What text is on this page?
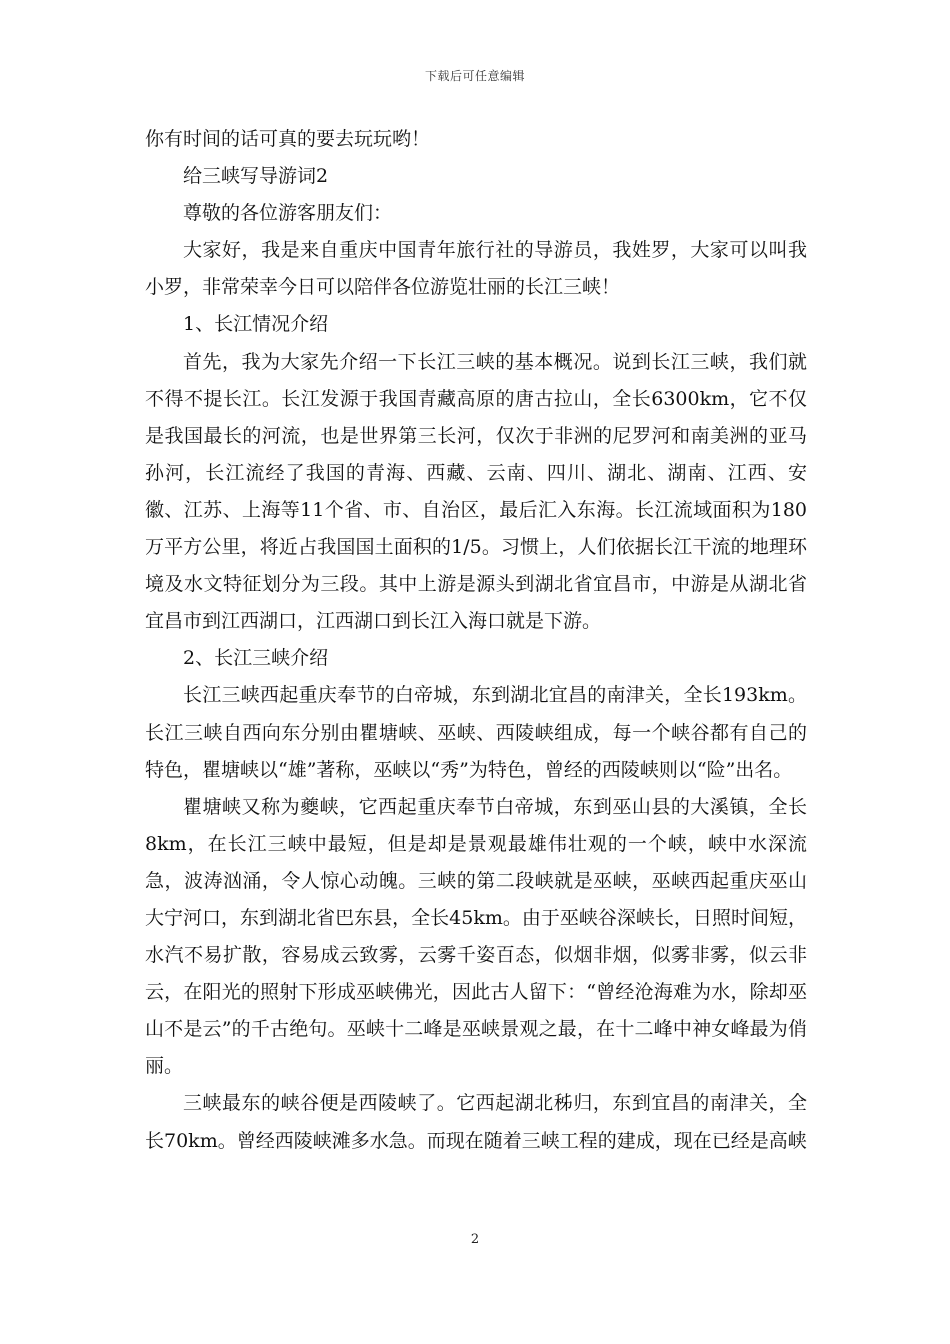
下载后可任意编辑

你有时间的话可真的要去玩玩哟！

给三峡写导游词2

尊敬的各位游客朋友们：

大家好，我是来自重庆中国青年旅行社的导游员，我姓罗，大家可以叫我小罗，非常荣幸今日可以陪伴各位游览壮丽的长江三峡！

1、长江情况介绍

首先，我为大家先介绍一下长江三峡的基本概况。说到长江三峡，我们就不得不提长江。长江发源于我国青藏高原的唐古拉山，全长6300km，它不仅是我国最长的河流，也是世界第三长河，仅次于非洲的尼罗河和南美洲的亚马孙河，长江流经了我国的青海、西藏、云南、四川、湖北、湖南、江西、安徽、江苏、上海等11个省、市、自治区，最后汇入东海。长江流域面积为180万平方公里，将近占我国国土面积的1/5。习惯上，人们依据长江干流的地理环境及水文特征划分为三段。其中上游是源头到湖北省宜昌市，中游是从湖北省宜昌市到江西湖口，江西湖口到长江入海口就是下游。

2、长江三峡介绍

长江三峡西起重庆奉节的白帝城，东到湖北宜昌的南津关，全长193km。长江三峡自西向东分别由瞿塘峡、巫峡、西陵峡组成，每一个峡谷都有自己的特色，瞿塘峡以“雄”著称，巫峡以“秀”为特色，曾经的西陵峡则以“险”出名。

瞿塘峡又称为夔峡，它西起重庆奉节白帝城，东到巫山县的大溪镇，全长8km，在长江三峡中最短，但是却是景观最雄伟壮观的一个峡，峡中水深流急，波涛汹涌，令人惊心动魄。三峡的第二段峡就是巫峡，巫峡西起重庆巫山大宁河口，东到湖北省巴东县，全长45km。由于巫峡谷深峡长，日照时间短，水汽不易扩散，容易成云致雾，云雾千姿百态，似烟非烟，似雾非雾，似云非云，在阳光的照射下形成巫峡佛光，因此古人留下：“曾经沧海难为水，除却巫山不是云”的千古绝句。巫峡十二峰是巫峡景观之最，在十二峰中神女峰最为俏丽。

三峡最东的峡谷便是西陵峡了。它西起湖北秭归，东到宜昌的南津关，全长70km。曾经西陵峡滩多水急。而现在随着三峡工程的建成，现在已经是高峡

2
